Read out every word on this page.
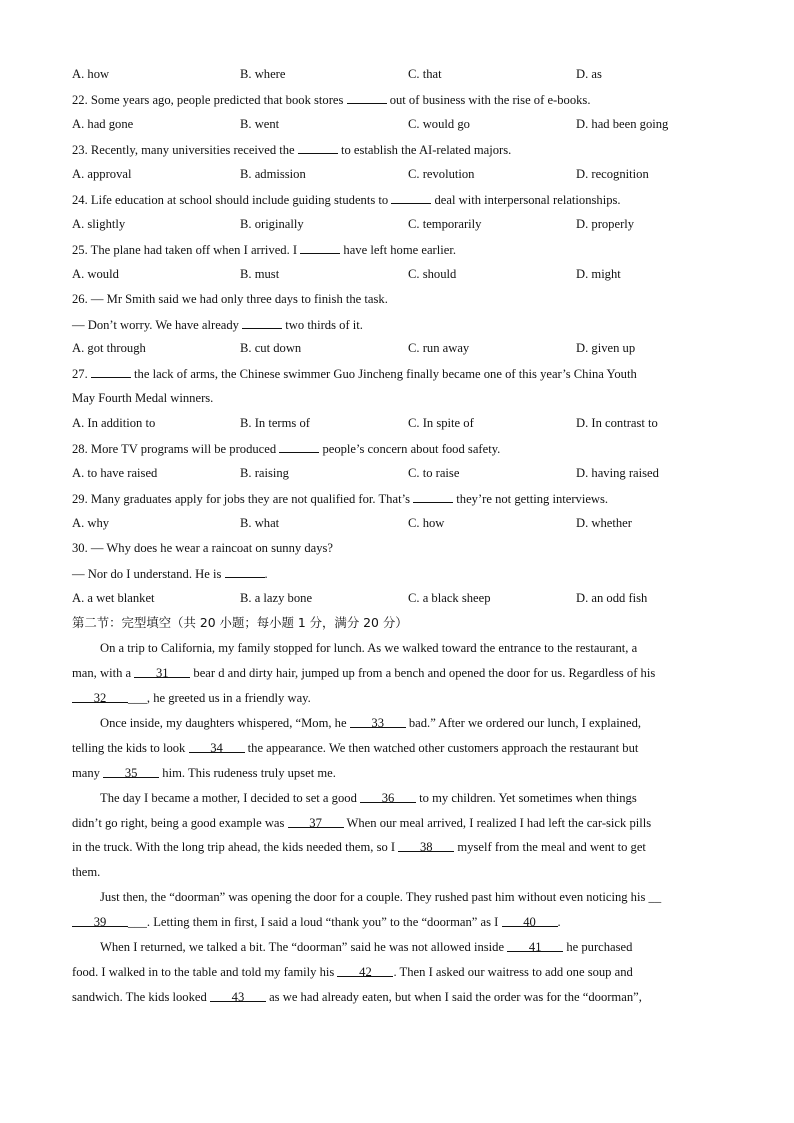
A. how	B. where	C. that	D. as
22. Some years ago, people predicted that book stores	out of business with the rise of e-books.
A. had gone	B. went	C. would go	D. had been going
23. Recently, many universities received the	to establish the AI-related majors.
A. approval	B. admission	C. revolution	D. recognition
24. Life education at school should include guiding students to	deal with interpersonal relationships.
A. slightly	B. originally	C. temporarily	D. properly
25. The plane had taken off when I arrived. I	have left home earlier.
A. would	B. must	C. should	D. might
26. — Mr Smith said we had only three days to finish the task.
— Don’t worry. We have already	two thirds of it.
A. got through	B. cut down	C. run away	D. given up
27.	the lack of arms, the Chinese swimmer Guo Jincheng finally became one of this year’s China Youth
May Fourth Medal winners.
A. In addition to	B. In terms of	C. In spite of	D. In contrast to
28. More TV programs will be produced	people’s concern about food safety.
A. to have raised	B. raising	C. to raise	D. having raised
29. Many graduates apply for jobs they are not qualified for. That’s	they’re not getting interviews.
A. why	B. what	C. how	D. whether
30. — Why does he wear a raincoat on sunny days?
— Nor do I understand. He is	.
A. a wet blanket	B. a lazy bone	C. a black sheep	D. an odd fish
第二节：完型填空（共 20 小题；每小题 1 分，满分 20 分）
On a trip to California, my family stopped for lunch. As we walked toward the entrance to the restaurant, a
man, with a 31 bear d and dirty hair, jumped up from a bench and opened the door for us. Regardless of his
32 ___, he greeted us in a friendly way.
Once inside, my daughters whispered, “Mom, he 33 bad.” After we ordered our lunch, I explained,
telling the kids to look 34 the appearance. We then watched other customers approach the restaurant but
many 35 him. This rudeness truly upset me.
The day I became a mother, I decided to set a good 36 to my children. Yet sometimes when things
didn’t go right, being a good example was 37 When our meal arrived, I realized I had left the car-sick pills
in the truck. With the long trip ahead, the kids needed them, so I 38 myself from the meal and went to get
them.
Just then, the “doorman” was opening the door for a couple. They rushed past him without even noticing his __
39 ___. Letting them in first, I said a loud “thank you” to the “doorman” as I 40 .
When I returned, we talked a bit. The “doorman” said he was not allowed inside 41 he purchased
food. I walked in to the table and told my family his 42 . Then I asked our waitress to add one soup and
sandwich. The kids looked 43 as we had already eaten, but when I said the order was for the “doorman”,
